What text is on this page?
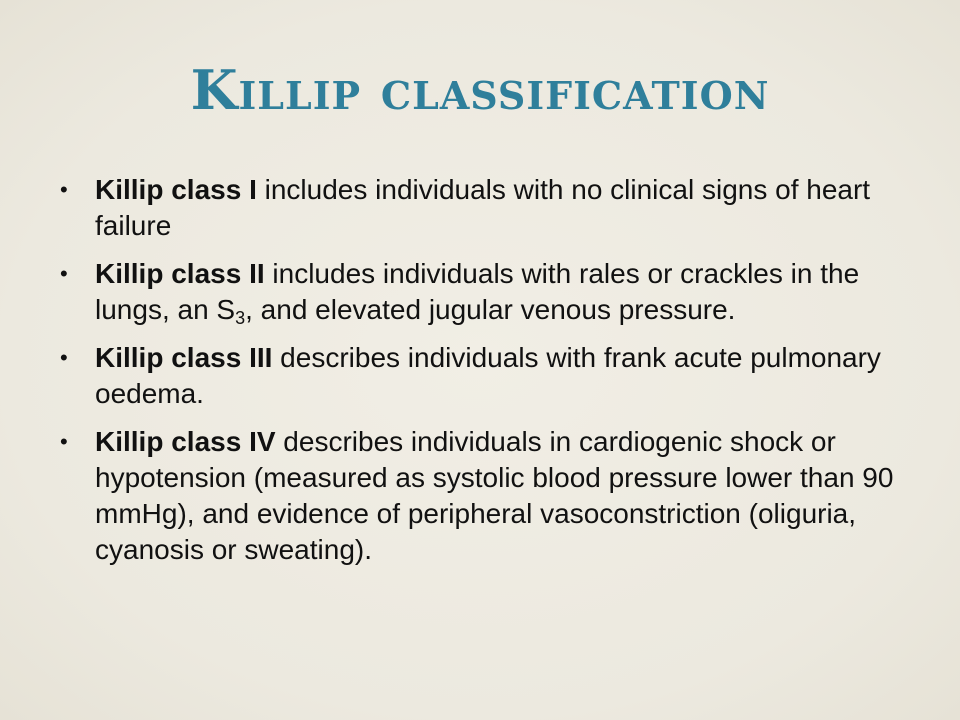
Killip classification
• Killip class I includes individuals with no clinical signs of heart failure
• Killip class II includes individuals with rales or crackles in the lungs, an $S_3$, and elevated jugular venous pressure.
• Killip class III describes individuals with frank acute pulmonary oedema.
• Killip class IV describes individuals in cardiogenic shock or hypotension (measured as systolic blood pressure lower than 90 mmHg), and evidence of peripheral vasoconstriction (oliguria, cyanosis or sweating).
